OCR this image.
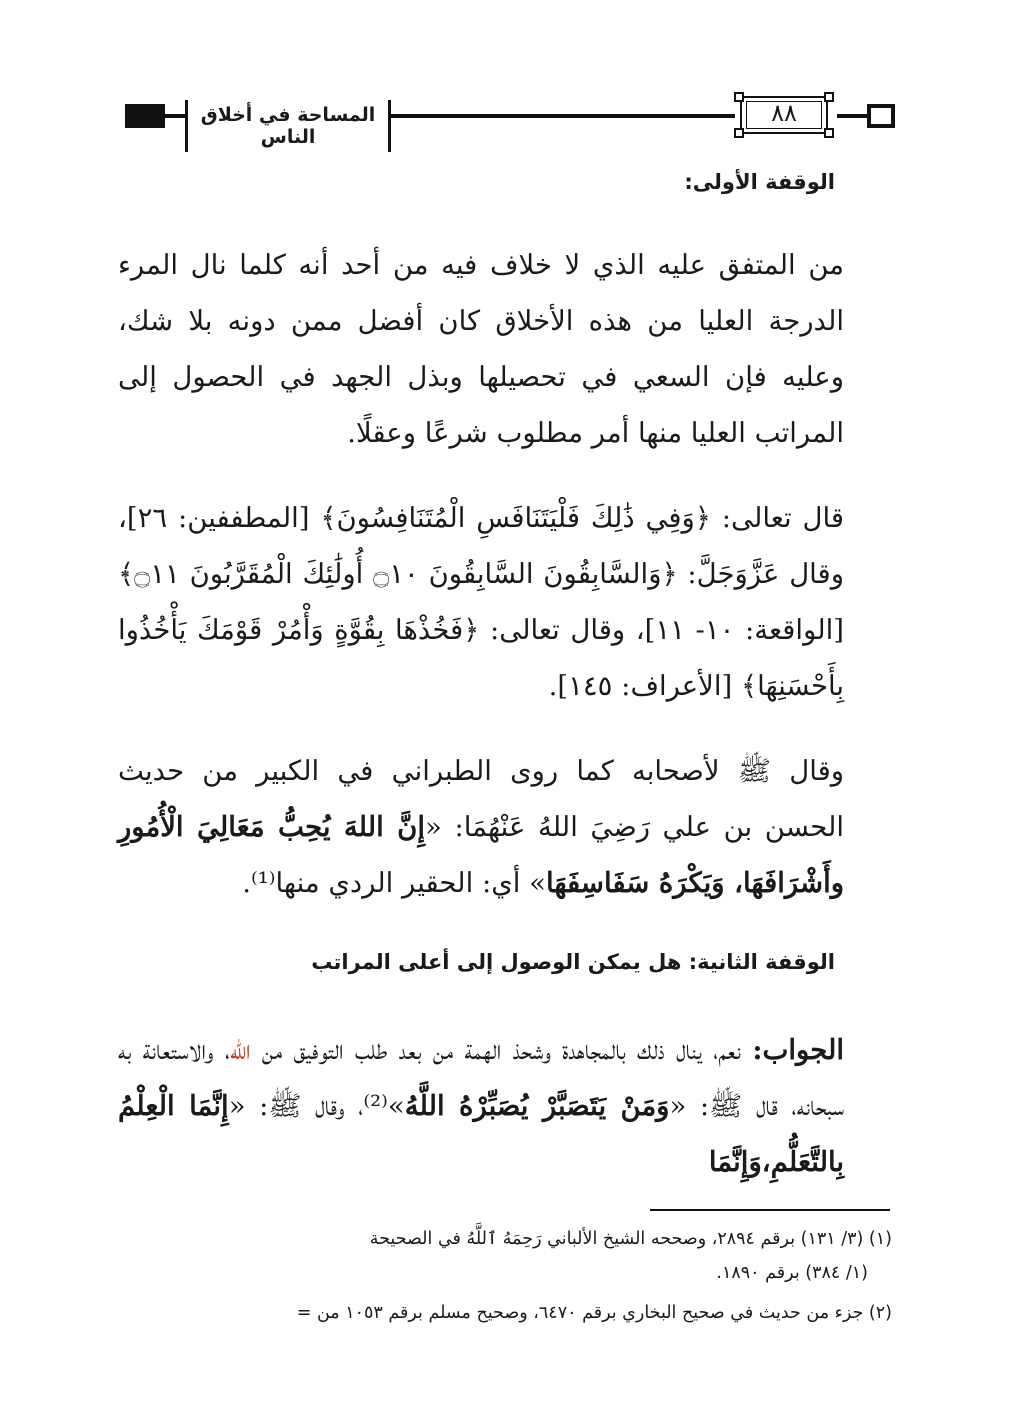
المساحة في أخلاق الناس
٨٨
الوقفة الأولى:

من المتفق عليه الذي لا خلاف فيه من أحد أنه كلما نال المرء الدرجة العليا من هذه الأخلاق كان أفضل ممن دونه بلا شك، وعليه فإن السعي في تحصيلها وبذل الجهد في الحصول إلى المراتب العليا منها أمر مطلوب شرعًا وعقلًا.

قال تعالى: ﴿وَفِي ذَٰلِكَ فَلْيَتَنَافَسِ الْمُتَنَافِسُونَ﴾ [المطففين: ٢٦]، وقال عَزَّوَجَلَّ: ﴿وَالسَّابِقُونَ السَّابِقُونَ ۝١٠ أُولَٰئِكَ الْمُقَرَّبُونَ ۝١١﴾ [الواقعة: ١٠- ١١]، وقال تعالى: ﴿فَخُذْهَا بِقُوَّةٍ وَأْمُرْ قَوْمَكَ يَأْخُذُوا بِأَحْسَنِهَا﴾ [الأعراف: ١٤٥].

وقال ﷺ لأصحابه كما روى الطبراني في الكبير من حديث الحسن بن علي رَضِيَ اللهُ عَنْهُمَا: «إِنَّ اللهَ يُحِبُّ مَعَالِيَ الْأُمُورِ وأَشْرَافَهَا، وَيَكْرَهُ سَفَاسِفَهَا» أي: الحقير الردي منها⁽¹⁾.

الوقفة الثانية: هل يمكن الوصول إلى أعلى المراتب

الجواب: نعم، ينال ذلك بالمجاهدة وشحذ الهمة من بعد طلب التوفيق من الله، والاستعانة به سبحانه، قال ﷺ: «وَمَنْ يَتَصَبَّرْ يُصَبِّرْهُ اللَّهُ»⁽²⁾، وقال ﷺ: «إِنَّمَا الْعِلْمُ بِالتَّعَلُّمِ،وَإِنَّمَا

(١) (٣/ ١٣١) برقم ٢٨٩٤، وصححه الشيخ الألباني رَحِمَهُ ٱللَّهُ في الصحيحة

(١/ ٣٨٤) برقم ١٨٩٠.

(٢) جزء من حديث في صحيح البخاري برقم ٦٤٧٠، وصحيح مسلم برقم ١٠٥٣ من =
